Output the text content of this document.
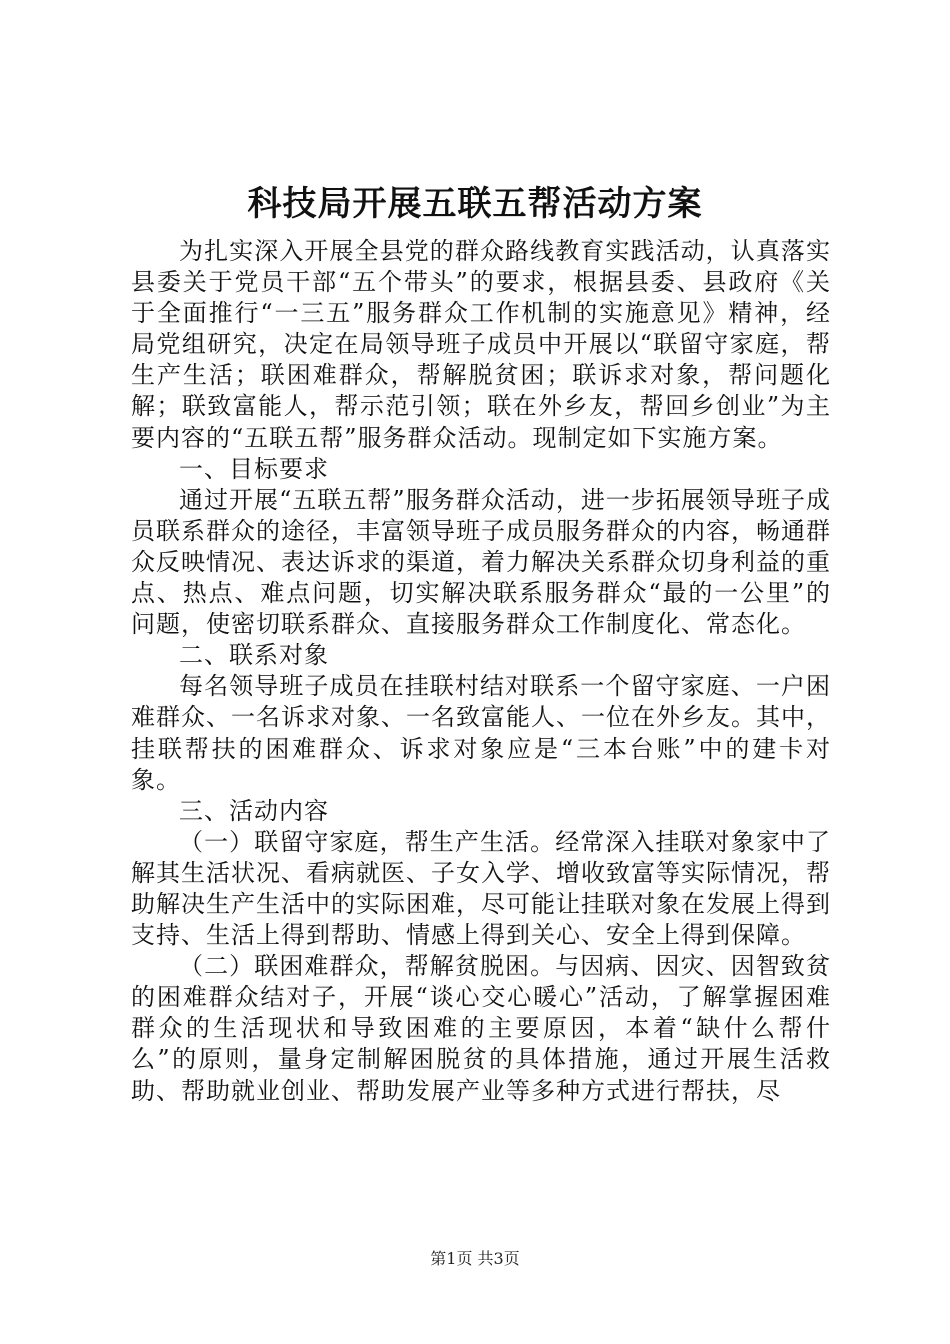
科技局开展五联五帮活动方案

为扎实深入开展全县党的群众路线教育实践活动，认真落实县委关于党员干部“五个带头”的要求，根据县委、县政府《关于全面推行“一三五”服务群众工作机制的实施意见》精神，经局党组研究，决定在局领导班子成员中开展以“联留守家庭，帮生产生活；联困难群众，帮解脱贫困；联诉求对象，帮问题化解；联致富能人，帮示范引领；联在外乡友，帮回乡创业”为主要内容的“五联五帮”服务群众活动。现制定如下实施方案。

一、目标要求

通过开展“五联五帮”服务群众活动，进一步拓展领导班子成员联系群众的途径，丰富领导班子成员服务群众的内容，畅通群众反映情况、表达诉求的渠道，着力解决关系群众切身利益的重点、热点、难点问题，切实解决联系服务群众“最的一公里”的问题，使密切联系群众、直接服务群众工作制度化、常态化。

二、联系对象

每名领导班子成员在挂联村结对联系一个留守家庭、一户困难群众、一名诉求对象、一名致富能人、一位在外乡友。其中，挂联帮扶的困难群众、诉求对象应是“三本台账”中的建卡对象。

三、活动内容

（一）联留守家庭，帮生产生活。经常深入挂联对象家中了解其生活状况、看病就医、子女入学、增收致富等实际情况，帮助解决生产生活中的实际困难，尽可能让挂联对象在发展上得到支持、生活上得到帮助、情感上得到关心、安全上得到保障。

（二）联困难群众，帮解贫脱困。与因病、因灾、因智致贫的困难群众结对子，开展“谈心交心暖心”活动，了解掌握困难群众的生活现状和导致困难的主要原因，本着“缺什么帮什么”的原则，量身定制解困脱贫的具体措施，通过开展生活救助、帮助就业创业、帮助发展产业等多种方式进行帮扶，尽

第1页 共3页
